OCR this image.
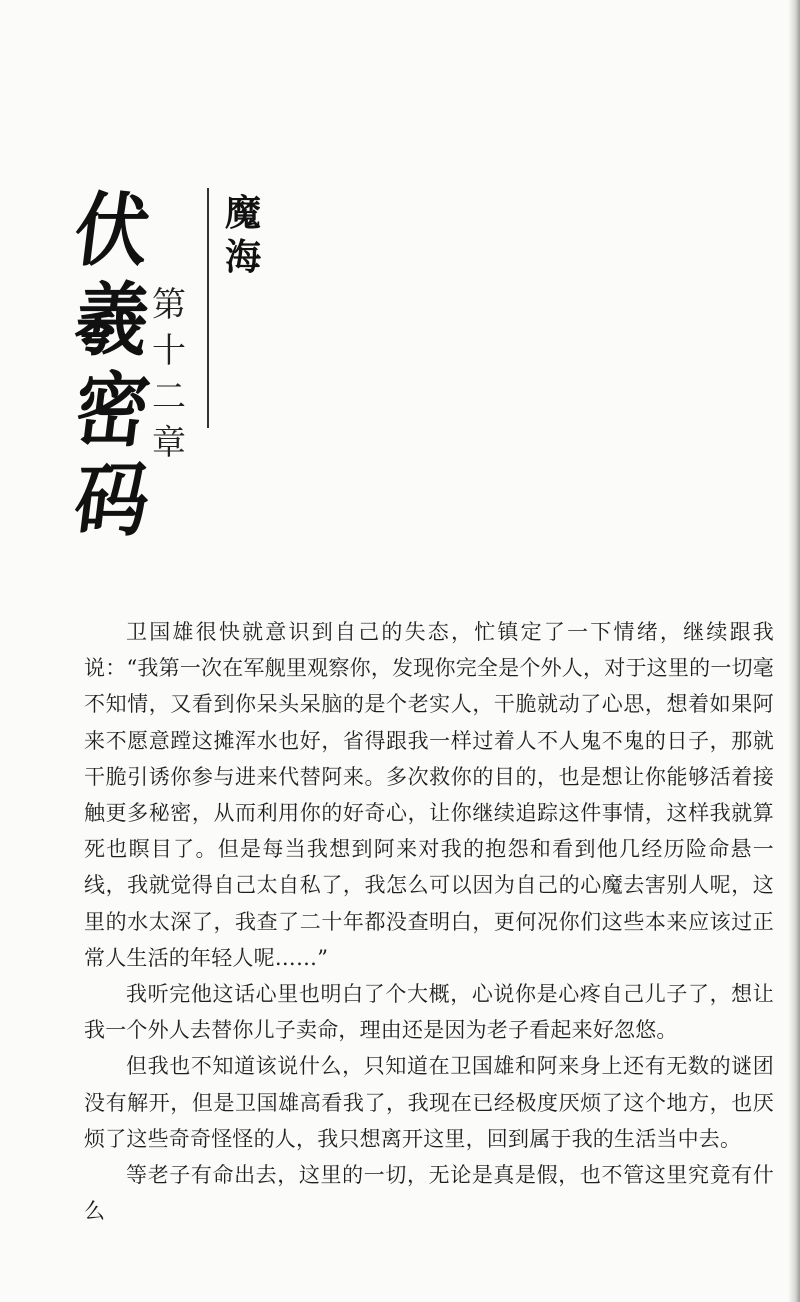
伏
羲
密
码
第
十
二
章
魔
海

卫国雄很快就意识到自己的失态，忙镇定了一下情绪，继续跟我说：“我第一次在军舰里观察你，发现你完全是个外人，对于这里的一切毫不知情，又看到你呆头呆脑的是个老实人，干脆就动了心思，想着如果阿来不愿意蹚这摊浑水也好，省得跟我一样过着人不人鬼不鬼的日子，那就干脆引诱你参与进来代替阿来。多次救你的目的，也是想让你能够活着接触更多秘密，从而利用你的好奇心，让你继续追踪这件事情，这样我就算死也瞑目了。但是每当我想到阿来对我的抱怨和看到他几经历险命悬一线，我就觉得自己太自私了，我怎么可以因为自己的心魔去害别人呢，这里的水太深了，我查了二十年都没查明白，更何况你们这些本来应该过正常人生活的年轻人呢……”

我听完他这话心里也明白了个大概，心说你是心疼自己儿子了，想让我一个外人去替你儿子卖命，理由还是因为老子看起来好忽悠。

但我也不知道该说什么，只知道在卫国雄和阿来身上还有无数的谜团没有解开，但是卫国雄高看我了，我现在已经极度厌烦了这个地方，也厌烦了这些奇奇怪怪的人，我只想离开这里，回到属于我的生活当中去。

等老子有命出去，这里的一切，无论是真是假，也不管这里究竟有什么
